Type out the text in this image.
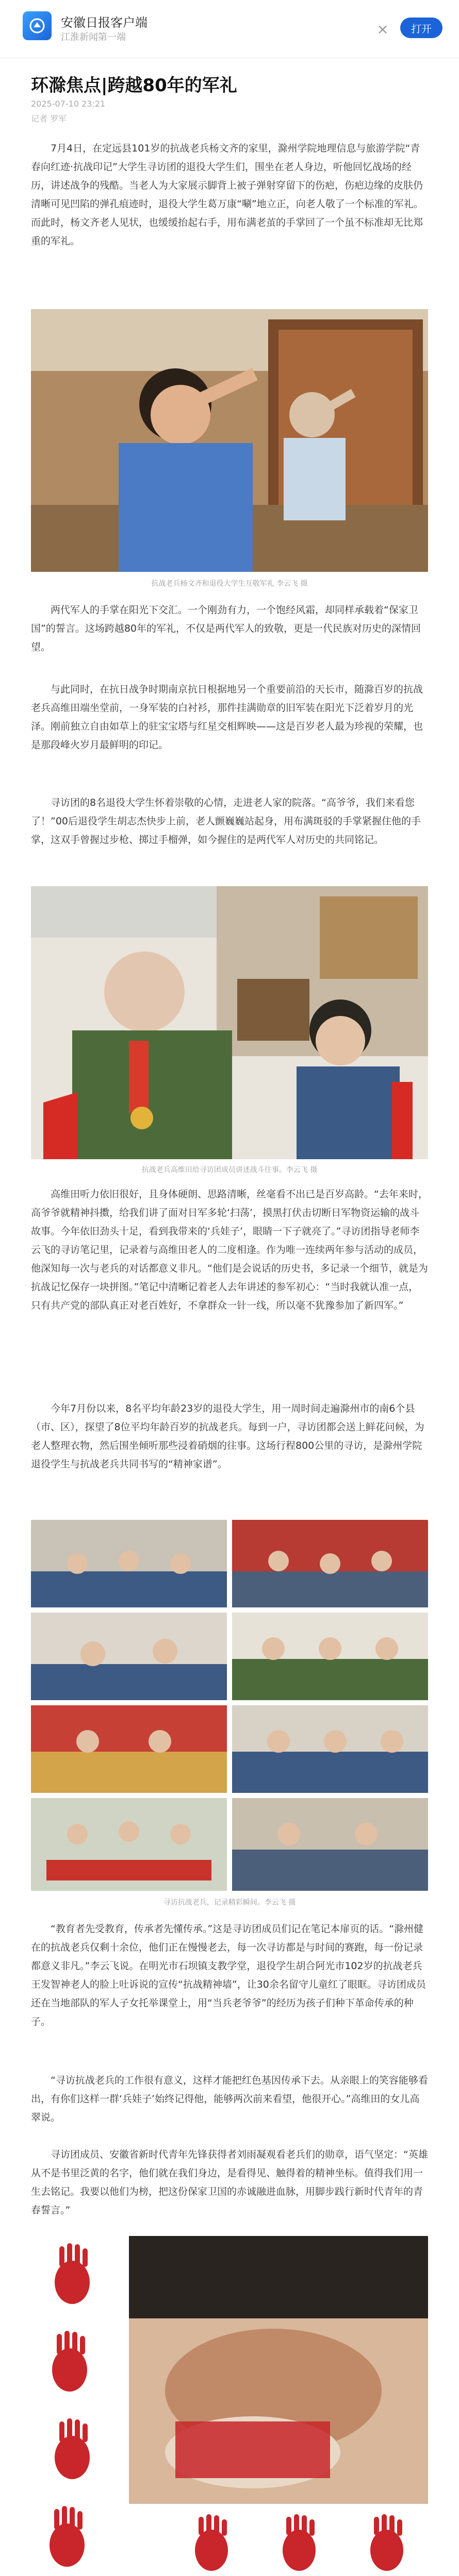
安徽日报客户端
江淮新闻第一端	×	打开
环滁焦点|跨越80年的军礼
2025-07-10 23:21
记者 罗军

7月4日，在定远县101岁的抗战老兵杨文齐的家里，滁州学院地理信息与旅游学院“青春向红迹·抗战印记”大学生寻访团的退役大学生们，围坐在老人身边，听他回忆战场的经历，讲述战争的残酷。当老人为大家展示脚背上被子弹射穿留下的伤疤，伤疤边缘的皮肤仍清晰可见凹陷的弹孔痕迹时，退役大学生葛万康“唰”地立正，向老人敬了一个标准的军礼。而此时，杨文齐老人见状，也缓缓抬起右手，用布满老茧的手掌回了一个虽不标准却无比郑重的军礼。

抗战老兵杨文齐和退役大学生互敬军礼 李云飞 摄

两代军人的手掌在阳光下交汇。一个刚劲有力，一个饱经风霜，却同样承载着“保家卫国”的誓言。这场跨越80年的军礼，不仅是两代军人的致敬，更是一代民族对历史的深情回望。

与此同时，在抗日战争时期南京抗日根据地另一个重要前沿的天长市，随滁百岁的抗战老兵高维田端坐堂前，一身军装的白衬衫，那件挂满勋章的旧军装在阳光下泛着岁月的光泽。刚前独立自由如草上的驻宝宝塔与红星交相辉映——这是百岁老人最为珍视的荣耀，也是那段峰火岁月最鲜明的印记。

寻访团的8名退役大学生怀着崇敬的心情，走进老人家的院落。“高爷爷，我们来看您了！”00后退役学生胡志杰快步上前，老人颤巍巍站起身，用布满斑驳的手掌紧握住他的手掌，这双手曾握过步枪、掷过手榴弹，如今握住的是两代军人对历史的共同铭记。

抗战老兵高维田给寻访团成员讲述战斗往事。李云飞 摄

高维田听力依旧很好，且身体硬朗、思路清晰，丝毫看不出已是百岁高龄。“去年来时，高爷爷就精神抖擞，给我们讲了面对日军多轮‘扫荡’，摸黑打伏击切断日军物资运输的战斗故事。今年依旧劲头十足，看到我带来的‘兵娃子’，眼睛一下子就亮了。”寻访团指导老师李云飞的寻访笔记里，记录着与高维田老人的二度相逢。作为唯一连续两年参与活动的成员，他深知每一次与老兵的对话都意义非凡。“他们是会说话的历史书，多记录一个细节，就是为抗战记忆保存一块拼图。”笔记中清晰记着老人去年讲述的参军初心：“当时我就认准一点，只有共产党的部队真正对老百姓好，不拿群众一针一线，所以毫不犹豫参加了新四军。”

今年7月份以来，8名平均年龄23岁的退役大学生，用一周时间走遍滁州市的南6个县（市、区），探望了8位平均年龄百岁的抗战老兵。每到一户，寻访团都会送上鲜花问候，为老人整理衣物，然后围坐倾听那些浸着硝烟的往事。这场行程800公里的寻访，是滁州学院退役学生与抗战老兵共同书写的“精神家谱”。

寻访抗战老兵，记录精彩瞬间。李云飞 摄

“教育者先受教育，传承者先懂传承。”这是寻访团成员们记在笔记本扉页的话。“滁州健在的抗战老兵仅剩十余位，他们正在慢慢老去，每一次寻访都是与时间的赛跑，每一份记录都意义非凡。”李云飞说。在明光市石坝镇支教学堂，退役学生胡合阿光市102岁的抗战老兵王发智神老人的脸上吐诉说的宣传“抗战精神墙”，让30余名留守儿童红了眼眶。寻访团成员还在当地部队的军人子女托举课堂上，用“当兵老爷爷”的经历为孩子们种下革命传承的种子。

“寻访抗战老兵的工作很有意义，这样才能把红色基因传承下去。从亲眼上的笑容能够看出，有你们这样一群‘兵娃子’始终记得他，能够两次前来看望，他很开心。”高维田的女儿高翠说。

寻访团成员、安徽省新时代青年先锋获得者刘雨凝观看老兵们的勋章，语气坚定：“英雄从不是书里泛黄的名字，他们就在我们身边，是看得见、触得着的精神坐标。值得我们用一生去铭记。我要以他们为榜，把这份保家卫国的赤诚融进血脉，用脚步践行新时代青年的青春誓言。”
